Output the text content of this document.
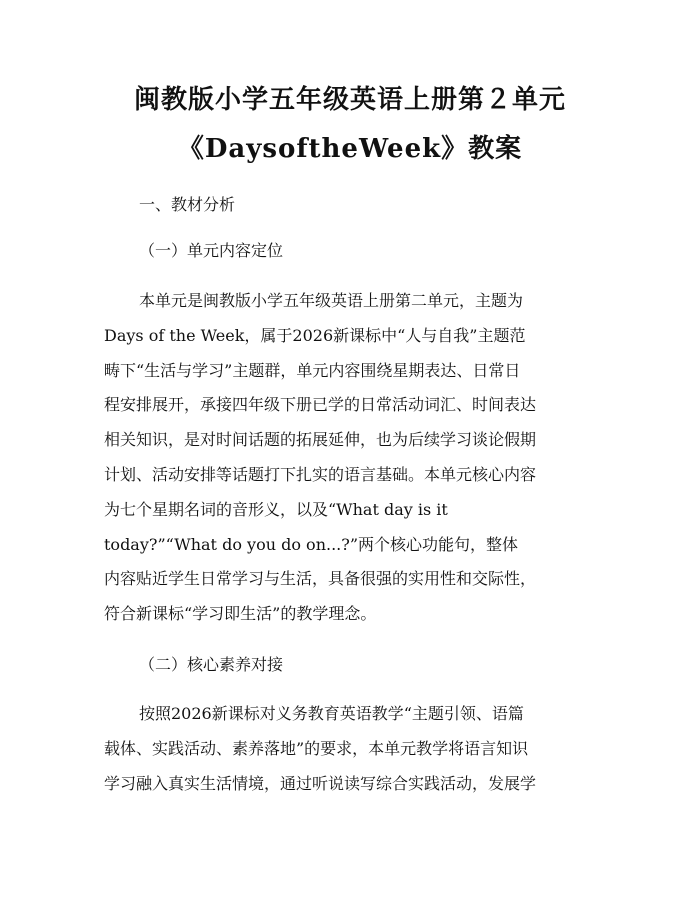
闽教版小学五年级英语上册第２单元
《DaysoftheWeek》教案
一、教材分析
（一）单元内容定位
本单元是闽教版小学五年级英语上册第二单元，主题为
Days of the Week，属于2026新课标中“人与自我”主题范
畴下“生活与学习”主题群，单元内容围绕星期表达、日常日
程安排展开，承接四年级下册已学的日常活动词汇、时间表达
相关知识，是对时间话题的拓展延伸，也为后续学习谈论假期
计划、活动安排等话题打下扎实的语言基础。本单元核心内容
为七个星期名词的音形义，以及“What day is it
today?”“What do you do on...?”两个核心功能句，整体
内容贴近学生日常学习与生活，具备很强的实用性和交际性，
符合新课标“学习即生活”的教学理念。
（二）核心素养对接
按照2026新课标对义务教育英语教学“主题引领、语篇
载体、实践活动、素养落地”的要求，本单元教学将语言知识
学习融入真实生活情境，通过听说读写综合实践活动，发展学
